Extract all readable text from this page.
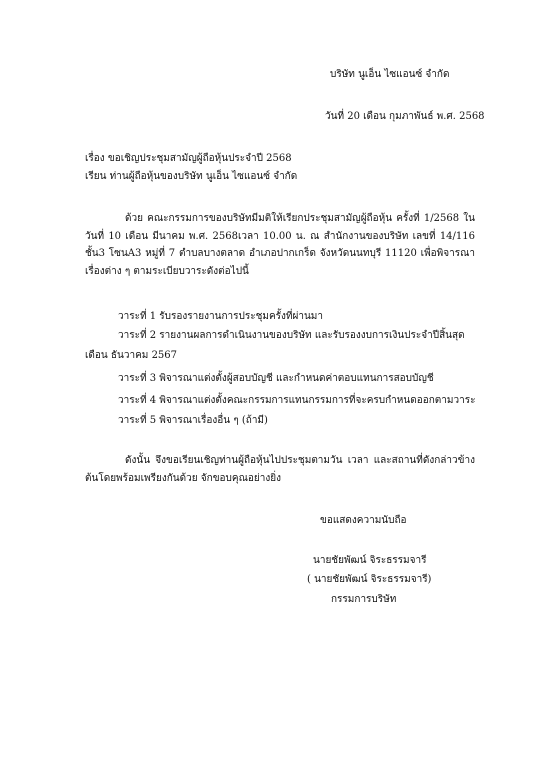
บริษัท นูเอ็น ไซแอนซ์ จำกัด
วันที่ 20 เดือน กุมภาพันธ์ พ.ศ. 2568
เรื่อง ขอเชิญประชุมสามัญผู้ถือหุ้นประจำปี 2568
เรียน ท่านผู้ถือหุ้นของบริษัท นูเอ็น ไซแอนซ์ จำกัด
ด้วย คณะกรรมการของบริษัทมีมติให้เรียกประชุมสามัญผู้ถือหุ้น ครั้งที่ 1/2568 ในวันที่ 10 เดือน มีนาคม พ.ศ. 2568เวลา 10.00 น. ณ สำนักงานของบริษัท เลขที่ 14/116 ชั้น3 โซนA3 หมู่ที่ 7 ตำบลบางตลาด อำเภอปากเกร็ด จังหวัดนนทบุรี 11120 เพื่อพิจารณาเรื่องต่าง ๆ ตามระเบียบวาระดังต่อไปนี้
วาระที่ 1 รับรองรายงานการประชุมครั้งที่ผ่านมา
วาระที่ 2 รายงานผลการดำเนินงานของบริษัท และรับรองงบการเงินประจำปีสิ้นสุดเดือน ธันวาคม 2567
วาระที่ 3 พิจารณาแต่งตั้งผู้สอบบัญชี และกำหนดค่าตอบแทนการสอบบัญชี
วาระที่ 4 พิจารณาแต่งตั้งคณะกรรมการแทนกรรมการที่จะครบกำหนดออกตามวาระ
วาระที่ 5 พิจารณาเรื่องอื่น ๆ (ถ้ามี)
ดังนั้น จึงขอเรียนเชิญท่านผู้ถือหุ้นไปประชุมตามวัน เวลา และสถานที่ดังกล่าวข้างต้นโดยพร้อมเพรียงกันด้วย จักขอบคุณอย่างยิ่ง
ขอแสดงความนับถือ
นายชัยพัฒน์ จิระธรรมจารี
( นายชัยพัฒน์ จิระธรรมจารี)
กรรมการบริษัท
